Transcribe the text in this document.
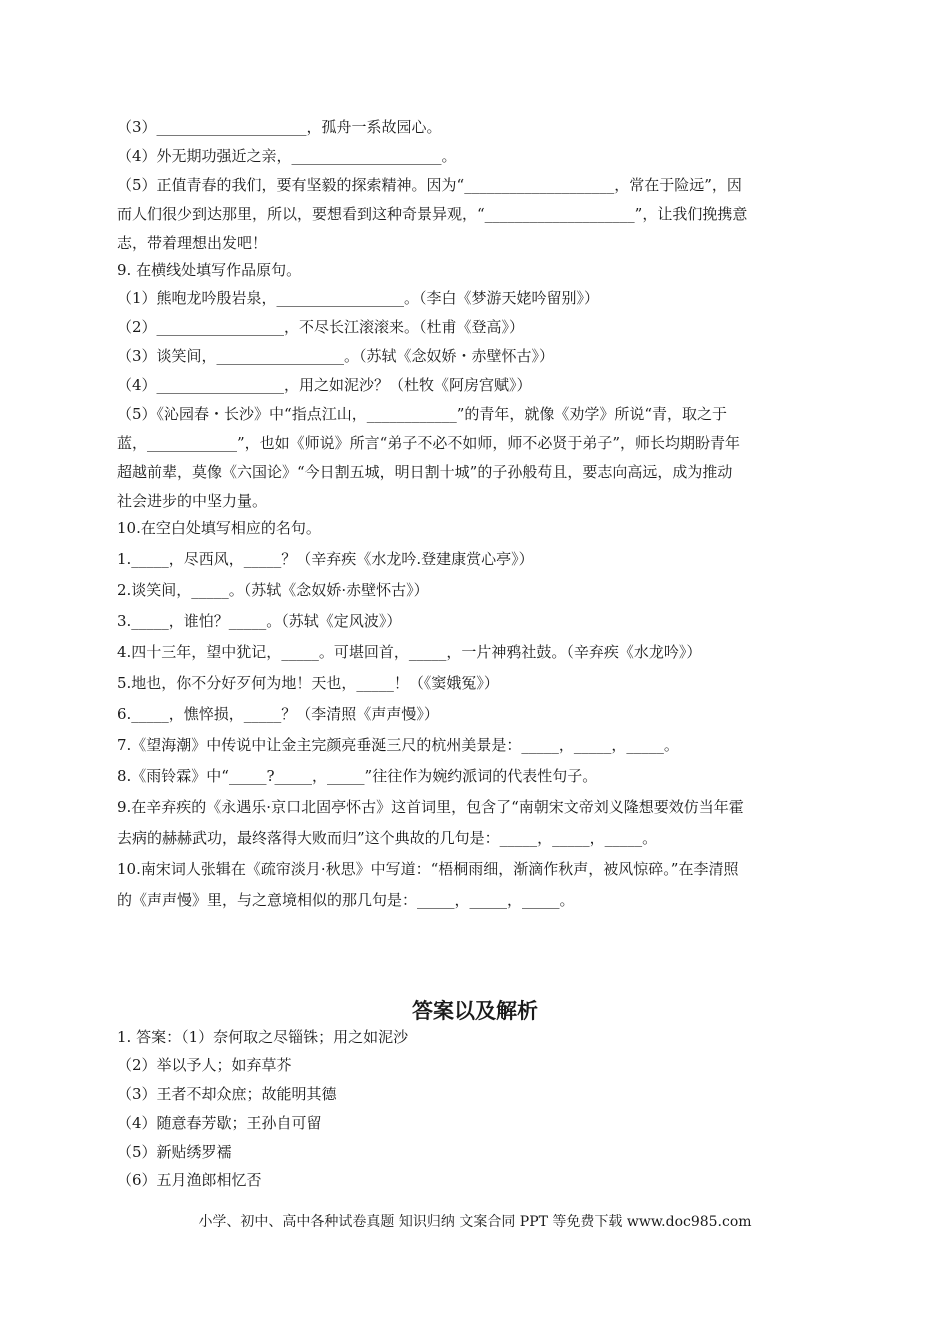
（3）____________________，孤舟一系故园心。
（4）外无期功强近之亲，____________________。
（5）正值青春的我们，要有坚毅的探索精神。因为“____________________，常在于险远”，因
而人们很少到达那里，所以，要想看到这种奇景异观，“____________________”，让我们挽携意
志，带着理想出发吧！
9. 在横线处填写作品原句。
（1）熊咆龙吟殷岩泉，_________________。（李白《梦游天姥吟留别》）
（2）_________________，不尽长江滚滚来。（杜甫《登高》）
（3）谈笑间，_________________。（苏轼《念奴娇・赤壁怀古》）
（4）_________________，用之如泥沙？（杜牧《阿房宫赋》）
（5）《沁园春・长沙》中“指点江山，____________”的青年，就像《劝学》所说“青，取之于
蓝，____________”，也如《师说》所言“弟子不必不如师，师不必贤于弟子”，师长均期盼青年
超越前辈，莫像《六国论》“今日割五城，明日割十城”的子孙般苟且，要志向高远，成为推动
社会进步的中坚力量。
10.在空白处填写相应的名句。
1._____，尽西风，_____？（辛弃疾《水龙吟.登建康赏心亭》）
2.谈笑间，_____。（苏轼《念奴娇·赤壁怀古》）
3._____，谁怕？_____。（苏轼《定风波》）
4.四十三年，望中犹记，_____。可堪回首，_____，一片神鸦社鼓。（辛弃疾《水龙吟》）
5.地也，你不分好歹何为地！天也，_____！（《窦娥冤》）
6._____，憔悴损，_____？（李清照《声声慢》）
7.《望海潮》中传说中让金主完颜亮垂涎三尺的杭州美景是：_____，_____，_____。
8.《雨铃霖》中“_____?_____，_____”往往作为婉约派词的代表性句子。
9.在辛弃疾的《永遇乐·京口北固亭怀古》这首词里，包含了“南朝宋文帝刘义隆想要效仿当年霍
去病的赫赫武功，最终落得大败而归”这个典故的几句是：_____，_____，_____。
10.南宋词人张辑在《疏帘淡月·秋思》中写道：“梧桐雨细，渐滴作秋声，被风惊碎。”在李清照
的《声声慢》里，与之意境相似的那几句是：_____，_____，_____。
答案以及解析
1. 答案：（1）奈何取之尽锱铢；用之如泥沙
（2）举以予人；如弃草芥
（3）王者不却众庶；故能明其德
（4）随意春芳歇；王孙自可留
（5）新贴绣罗襦
（6）五月渔郎相忆否
小学、初中、高中各种试卷真题 知识归纳 文案合同 PPT 等免费下载 www.doc985.com
